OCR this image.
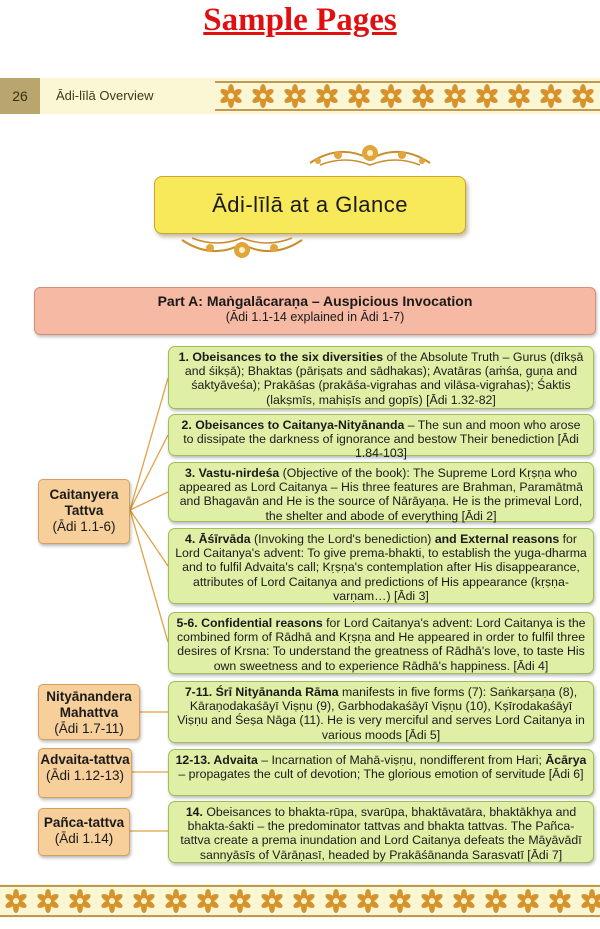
Sample Pages
26	Ādi-līlā Overview
Ādi-līlā at a Glance
Part A: Maṅgalācaraṇa – Auspicious Invocation
(Ādi 1.1-14 explained in Ādi 1-7)
Caitanyera Tattva
(Ādi 1.1-6)
Nityānandera Mahattva
(Ādi 1.7-11)
Advaita-tattva
(Ādi 1.12-13)
Pañca-tattva
(Ādi 1.14)
1. Obeisances to the six diversities of the Absolute Truth – Gurus (dīkṣā and śikṣā); Bhaktas (pāriṣats and sādhakas); Avatāras (aṁśa, guṇa and śaktyāveśa); Prakāśas (prakāśa-vigrahas and vilāsa-vigrahas); Śaktis (lakṣmīs, mahiṣīs and gopīs) [Ādi 1.32-82]
2. Obeisances to Caitanya-Nityānanda – The sun and moon who arose to dissipate the darkness of ignorance and bestow Their benediction [Ādi 1.84-103]
3. Vastu-nirdeśa (Objective of the book): The Supreme Lord Kṛṣṇa who appeared as Lord Caitanya – His three features are Brahman, Paramātmā and Bhagavān and He is the source of Nārāyaṇa. He is the primeval Lord, the shelter and abode of everything [Ādi 2]
4. Āśīrvāda (Invoking the Lord's benediction) and External reasons for Lord Caitanya's advent: To give prema-bhakti, to establish the yuga-dharma and to fulfil Advaita's call; Kṛṣṇa's contemplation after His disappearance, attributes of Lord Caitanya and predictions of His appearance (kṛṣṇa-varṇam…) [Ādi 3]
5-6. Confidential reasons for Lord Caitanya's advent: Lord Caitanya is the combined form of Rādhā and Kṛṣṇa and He appeared in order to fulfil three desires of Krsna: To understand the greatness of Rādhā's love, to taste His own sweetness and to experience Rādhā's happiness. [Ādi 4]
7-11. Śrī Nityānanda Rāma manifests in five forms (7): Saṅkarṣaṇa (8), Kāraṇodakaśāyī Viṣṇu (9), Garbhodakaśāyī Viṣṇu (10), Kṣīrodakaśāyī Viṣṇu and Śeṣa Nāga (11). He is very merciful and serves Lord Caitanya in various moods [Ādi 5]
12-13. Advaita – Incarnation of Mahā-viṣṇu, nondifferent from Hari; Ācārya – propagates the cult of devotion; The glorious emotion of servitude [Ādi 6]
14. Obeisances to bhakta-rūpa, svarūpa, bhaktāvatāra, bhaktākhya and bhakta-śakti – the predominator tattvas and bhakta tattvas. The Pañca-tattva create a prema inundation and Lord Caitanya defeats the Māyāvādī sannyāsīs of Vārāṇasī, headed by Prakāśānanda Sarasvatī [Ādi 7]
